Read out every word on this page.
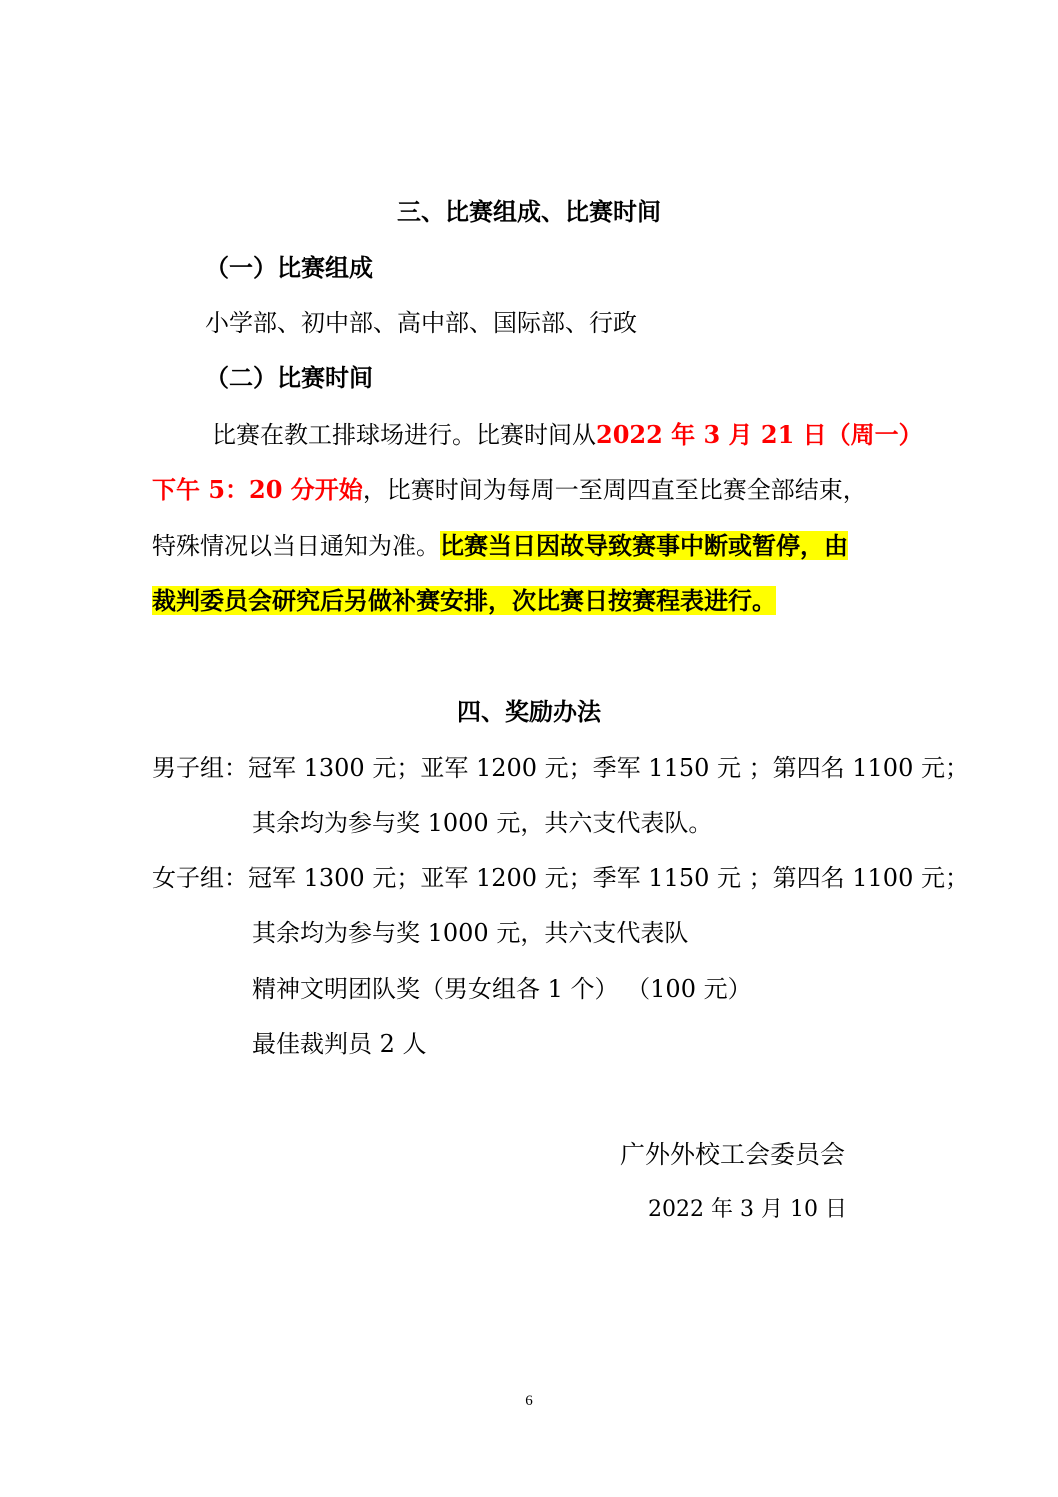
三、比赛组成、比赛时间
（一）比赛组成
小学部、初中部、高中部、国际部、行政
（二）比赛时间
比赛在教工排球场进行。比赛时间从2022 年 3 月 21 日（周一）
下午 5：20 分开始，比赛时间为每周一至周四直至比赛全部结束，
特殊情况以当日通知为准。比赛当日因故导致赛事中断或暂停，由
裁判委员会研究后另做补赛安排，次比赛日按赛程表进行。
四、奖励办法
男子组：冠军 1300 元；亚军 1200 元；季军 1150 元 ；第四名 1100 元；
其余均为参与奖 1000 元，共六支代表队。
女子组：冠军 1300 元；亚军 1200 元；季军 1150 元 ；第四名 1100 元；
其余均为参与奖 1000 元，共六支代表队
精神文明团队奖（男女组各 1 个） （100 元）
最佳裁判员 2 人
广外外校工会委员会
2022 年 3 月 10 日
6
